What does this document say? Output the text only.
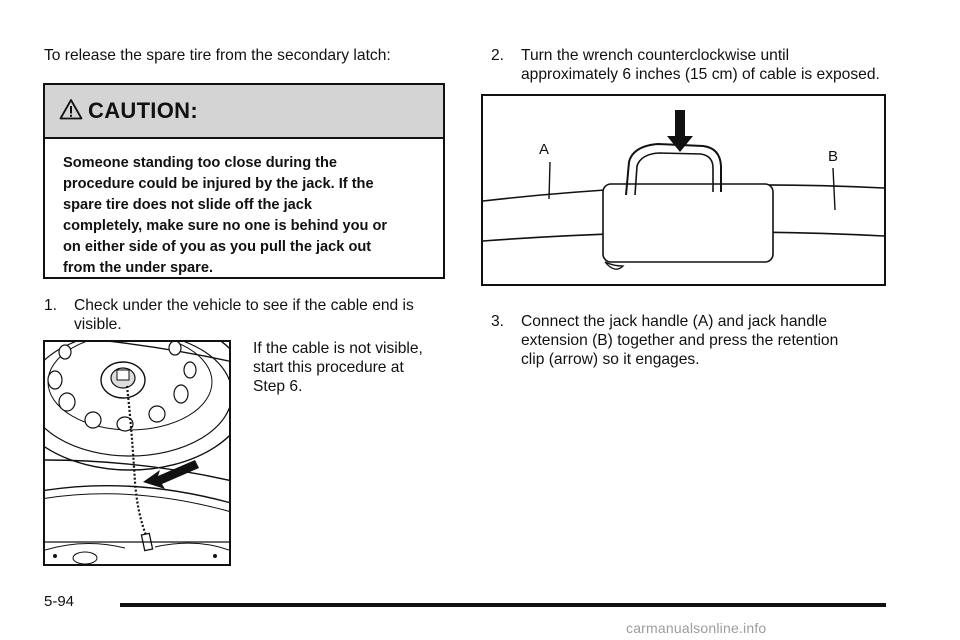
To release the spare tire from the secondary latch:
CAUTION:
Someone standing too close during the
procedure could be injured by the jack. If the
spare tire does not slide off the jack
completely, make sure no one is behind you or
on either side of you as you pull the jack out
from the under spare.
1. Check under the vehicle to see if the cable end is
visible.
If the cable is not visible,
start this procedure at
Step 6.
2. Turn the wrench counterclockwise until
approximately 6 inches (15 cm) of cable is exposed.
A	B
3. Connect the jack handle (A) and jack handle
extension (B) together and press the retention
clip (arrow) so it engages.
5-94
carmanualsonline.info
